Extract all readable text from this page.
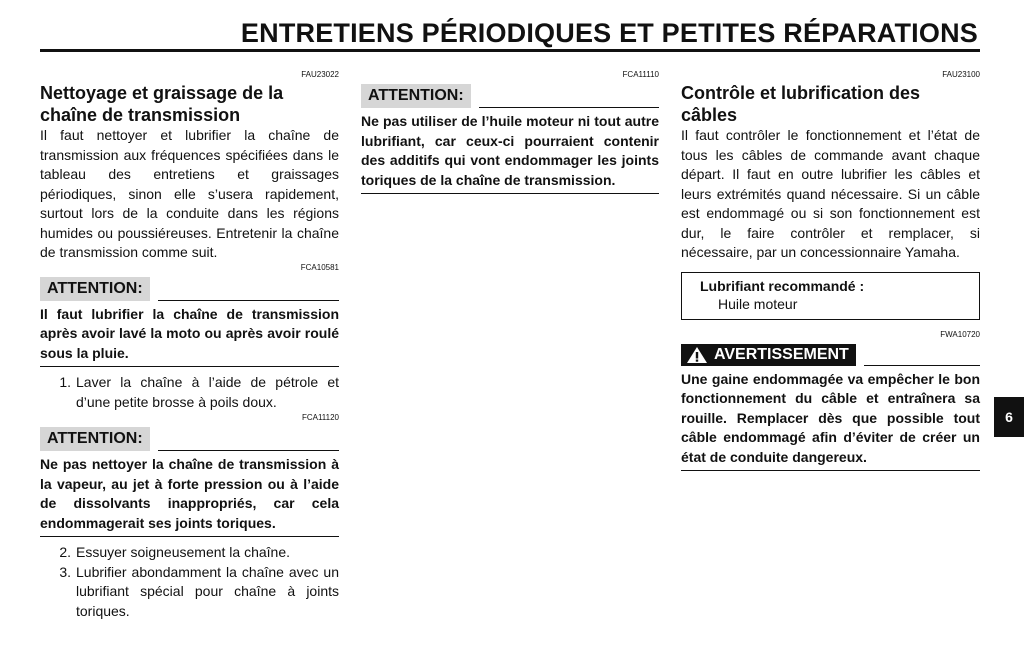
ENTRETIENS PÉRIODIQUES ET PETITES RÉPARATIONS
FAU23022
Nettoyage et graissage de la chaîne de transmission

Il faut nettoyer et lubrifier la chaîne de transmission aux fréquences spécifiées dans le tableau des entretiens et graissages périodiques, sinon elle s’usera rapidement, surtout lors de la conduite dans les régions humides ou poussiéreuses. Entretenir la chaîne de transmission comme suit.

FCA10581
ATTENTION:
Il faut lubrifier la chaîne de transmission après avoir lavé la moto ou après avoir roulé sous la pluie.
1. Laver la chaîne à l’aide de pétrole et d’une petite brosse à poils doux.
FCA11120
ATTENTION:
Ne pas nettoyer la chaîne de transmission à la vapeur, au jet à forte pression ou à l’aide de dissolvants inappropriés, car cela endommagerait ses joints toriques.
2. Essuyer soigneusement la chaîne.
3. Lubrifier abondamment la chaîne avec un lubrifiant spécial pour chaîne à joints toriques.
FCA11110
ATTENTION:
Ne pas utiliser de l’huile moteur ni tout autre lubrifiant, car ceux-ci pourraient contenir des additifs qui vont endommager les joints toriques de la chaîne de transmission.
FAU23100
Contrôle et lubrification des câbles

Il faut contrôler le fonctionnement et l’état de tous les câbles de commande avant chaque départ. Il faut en outre lubrifier les câbles et leurs extrémités quand nécessaire. Si un câble est endommagé ou si son fonctionnement est dur, le faire contrôler et remplacer, si nécessaire, par un concessionnaire Yamaha.

Lubrifiant recommandé :
Huile moteur
FWA10720
AVERTISSEMENT
Une gaine endommagée va empêcher le bon fonctionnement du câble et entraînera sa rouille. Remplacer dès que possible tout câble endommagé afin d’éviter de créer un état de conduite dangereux.
6
